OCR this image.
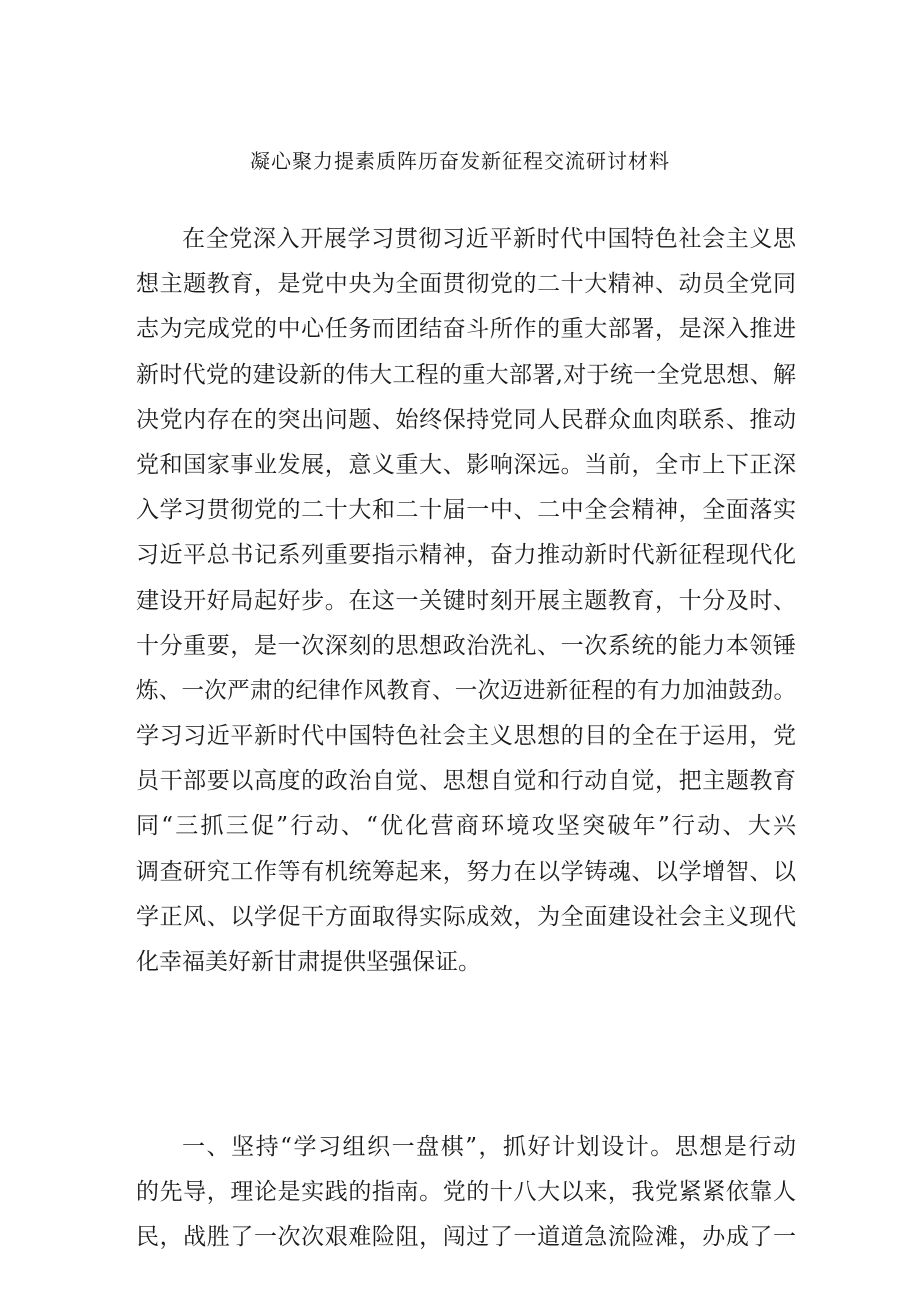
凝心聚力提素质阵历奋发新征程交流研讨材料
在全党深入开展学习贯彻习近平新时代中国特色社会主义思
想主题教育，是党中央为全面贯彻党的二十大精神、动员全党同
志为完成党的中心任务而团结奋斗所作的重大部署，是深入推进
新时代党的建设新的伟大工程的重大部署,对于统一全党思想、解
决党内存在的突出问题、始终保持党同人民群众血肉联系、推动
党和国家事业发展，意义重大、影响深远。当前，全市上下正深
入学习贯彻党的二十大和二十届一中、二中全会精神，全面落实
习近平总书记系列重要指示精神，奋力推动新时代新征程现代化
建设开好局起好步。在这一关键时刻开展主题教育，十分及时、
十分重要，是一次深刻的思想政治洗礼、一次系统的能力本领锤
炼、一次严肃的纪律作风教育、一次迈进新征程的有力加油鼓劲。
学习习近平新时代中国特色社会主义思想的目的全在于运用，党
员干部要以高度的政治自觉、思想自觉和行动自觉，把主题教育
同“三抓三促”行动、“优化营商环境攻坚突破年”行动、大兴
调查研究工作等有机统筹起来，努力在以学铸魂、以学增智、以
学正风、以学促干方面取得实际成效，为全面建设社会主义现代
化幸福美好新甘肃提供坚强保证。
一、坚持“学习组织一盘棋”，抓好计划设计。思想是行动
的先导，理论是实践的指南。党的十八大以来，我党紧紧依靠人
民，战胜了一次次艰难险阻，闯过了一道道急流险滩，办成了一
